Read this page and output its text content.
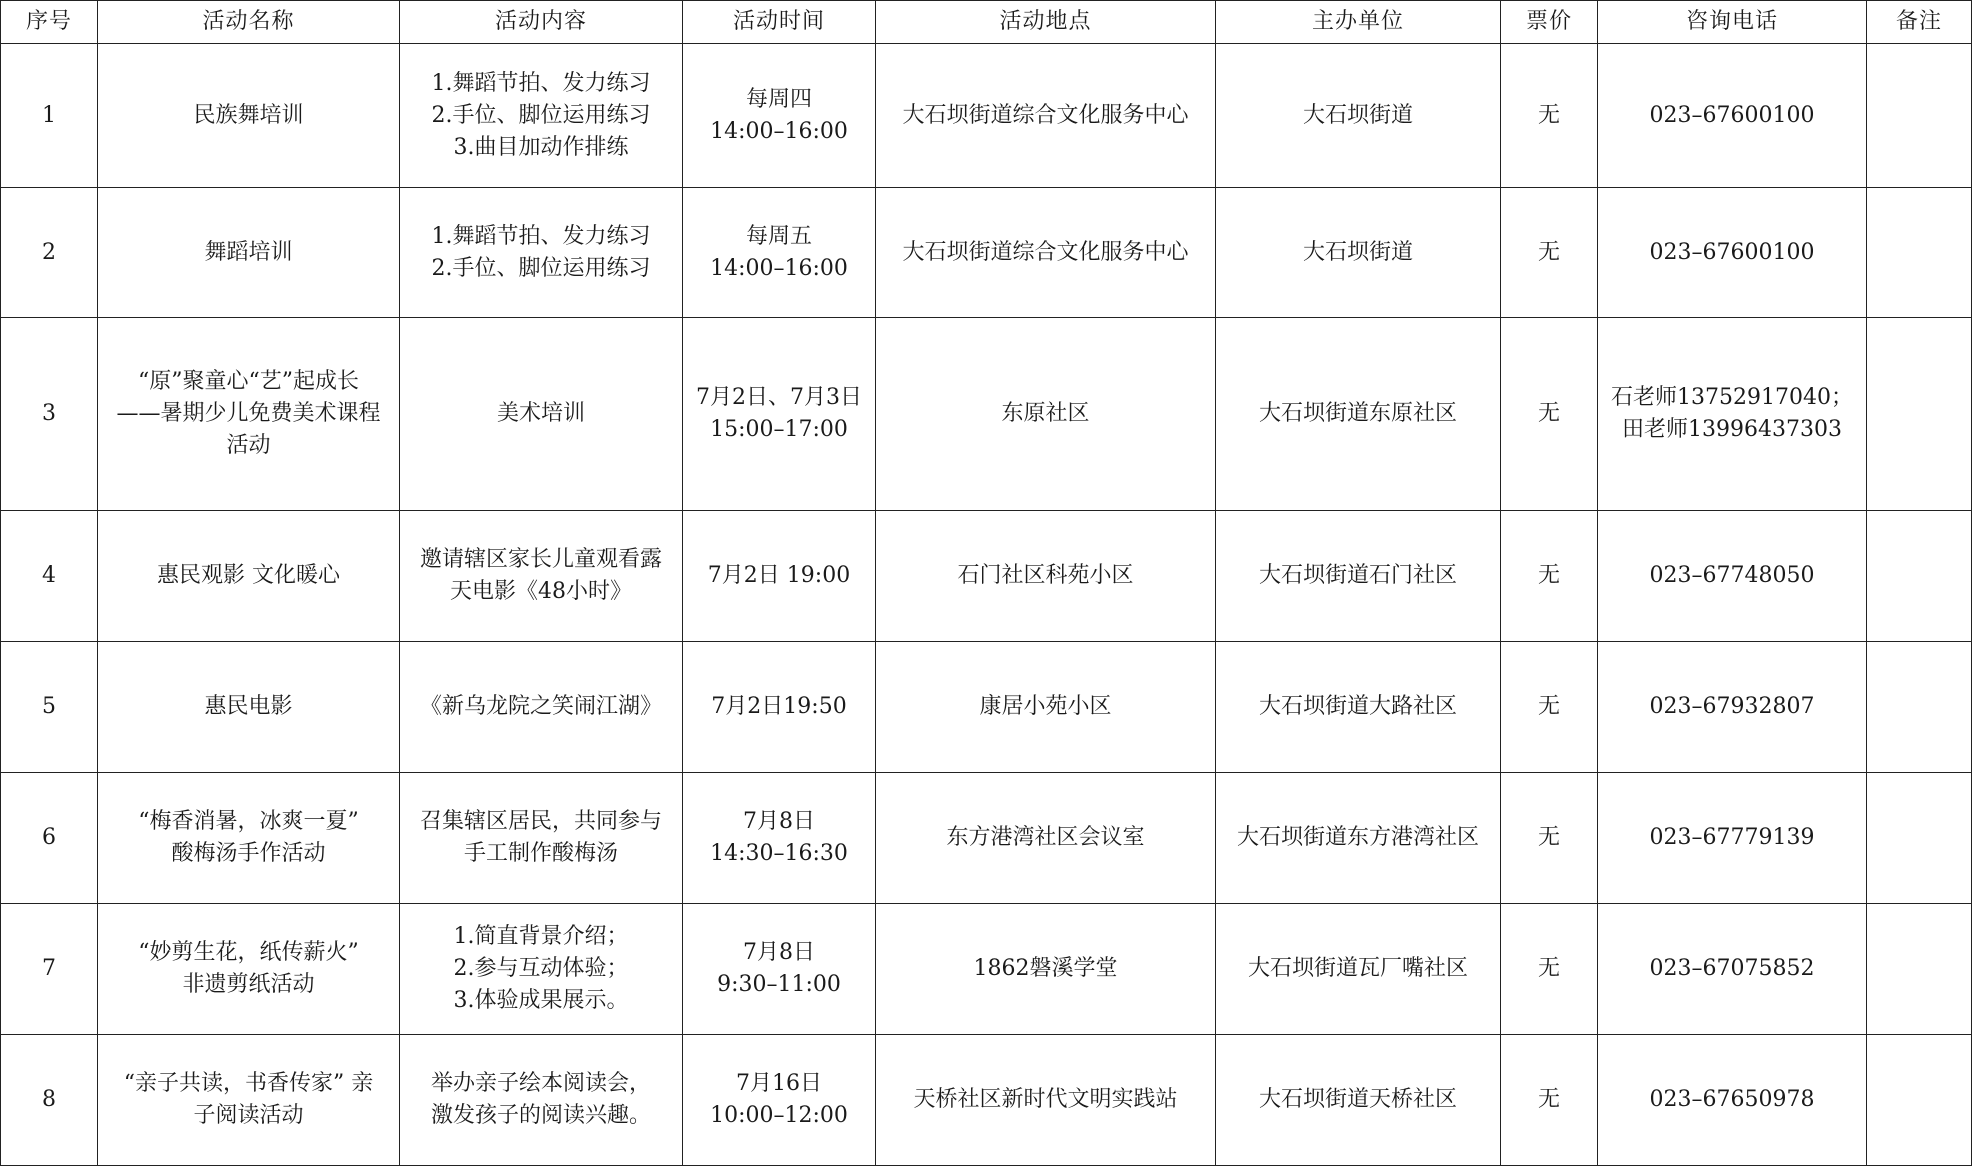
序号	活动名称	活动内容	活动时间	活动地点	主办单位	票价	咨询电话	备注
1	民族舞培训	1.舞蹈节拍、发力练习
2.手位、脚位运用练习
3.曲目加动作排练	每周四
14:00–16:00	大石坝街道综合文化服务中心	大石坝街道	无	023–67600100	

2	舞蹈培训	1.舞蹈节拍、发力练习
2.手位、脚位运用练习	每周五
14:00–16:00	大石坝街道综合文化服务中心	大石坝街道	无	023–67600100	

3	“原”聚童心“艺”起成长
——暑期少儿免费美术课程
活动	美术培训	7月2日、7月3日
15:00–17:00	东原社区	大石坝街道东原社区	无	石老师13752917040；
田老师13996437303	

4	惠民观影 文化暖心	邀请辖区家长儿童观看露
天电影《48小时》	7月2日 19:00	石门社区科苑小区	大石坝街道石门社区	无	023–67748050	

5	惠民电影	《新乌龙院之笑闹江湖》	7月2日19:50	康居小苑小区	大石坝街道大路社区	无	023–67932807	

6	“梅香消暑，冰爽一夏”
酸梅汤手作活动	召集辖区居民，共同参与
手工制作酸梅汤	7月8日
14:30–16:30	东方港湾社区会议室	大石坝街道东方港湾社区	无	023–67779139	

7	“妙剪生花，纸传薪火”
非遗剪纸活动	1.简直背景介绍；
2.参与互动体验；
3.体验成果展示。	7月8日
9:30–11:00	1862磐溪学堂	大石坝街道瓦厂嘴社区	无	023–67075852	

8	“亲子共读，书香传家” 亲
子阅读活动	举办亲子绘本阅读会，
激发孩子的阅读兴趣。	7月16日
10:00–12:00	天桥社区新时代文明实践站	大石坝街道天桥社区	无	023–67650978	
